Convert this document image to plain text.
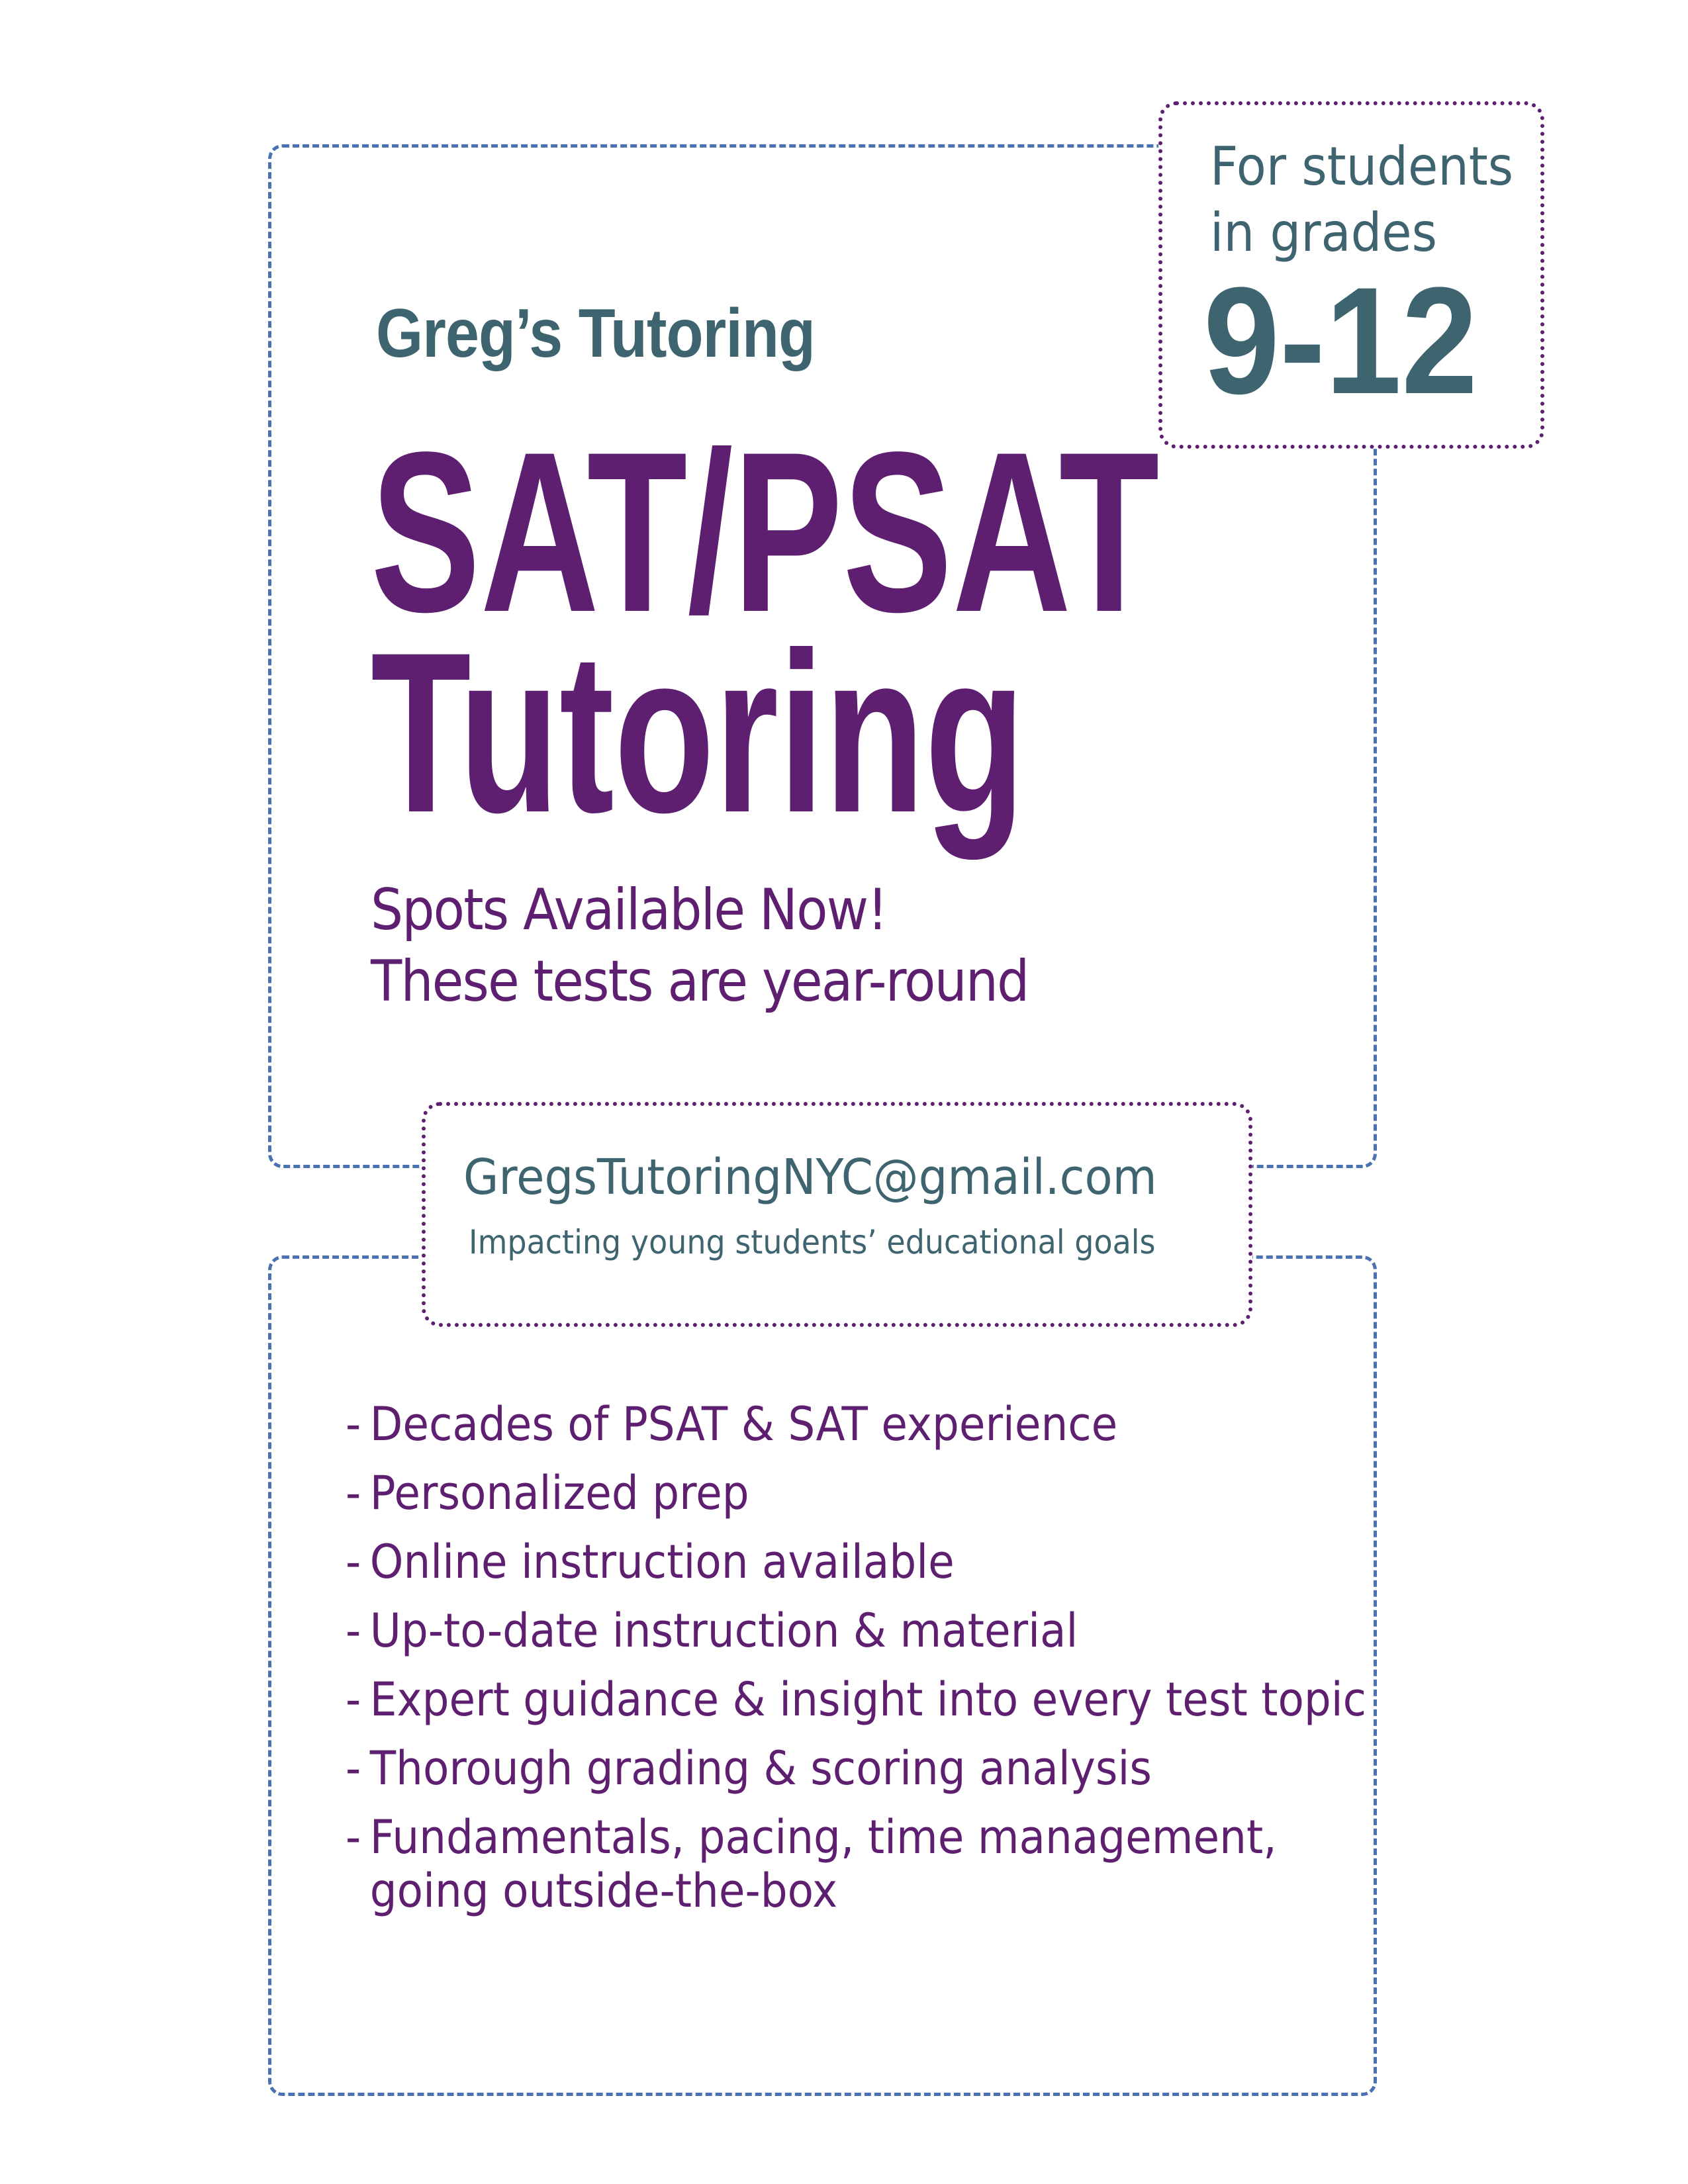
For students
in grades
9-12
Greg’s Tutoring
SAT/PSAT
Tutoring
Spots Available Now!
These tests are year-round
GregsTutoringNYC@gmail.com
Impacting young students’ educational goals
- Decades of PSAT & SAT experience
- Personalized prep
- Online instruction available
- Up-to-date instruction & material
- Expert guidance & insight into every test topic
- Thorough grading & scoring analysis
- Fundamentals, pacing, time management,
going outside-the-box
